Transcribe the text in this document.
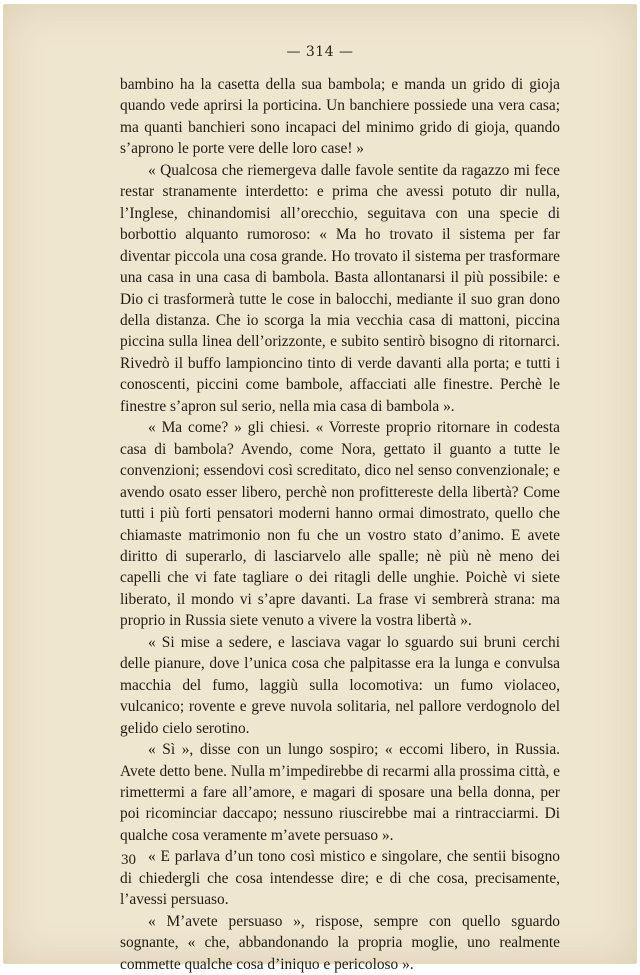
— 314 —

bambino ha la casetta della sua bambola; e manda un grido di gioja quando vede aprirsi la porticina. Un banchiere possiede una vera casa; ma quanti banchieri sono incapaci del minimo grido di gioja, quando s’aprono le porte vere delle loro case! »

« Qualcosa che riemergeva dalle favole sentite da ragazzo mi fece restar stranamente interdetto: e prima che avessi potuto dir nulla, l’Inglese, chinandomisi all’orecchio, seguitava con una specie di borbottio alquanto rumoroso: « Ma ho trovato il sistema per far diventar piccola una cosa grande. Ho trovato il sistema per trasformare una casa in una casa di bambola. Basta allontanarsi il più possibile: e Dio ci trasformerà tutte le cose in balocchi, mediante il suo gran dono della distanza. Che io scorga la mia vecchia casa di mattoni, piccina piccina sulla linea dell’orizzonte, e subito sentirò bisogno di ritornarci. Rivedrò il buffo lampioncino tinto di verde davanti alla porta; e tutti i conoscenti, piccini come bambole, affacciati alle finestre. Perchè le finestre s’apron sul serio, nella mia casa di bambola ».

« Ma come? » gli chiesi. « Vorreste proprio ritornare in codesta casa di bambola? Avendo, come Nora, gettato il guanto a tutte le convenzioni; essendovi così screditato, dico nel senso convenzionale; e avendo osato esser libero, perchè non profittereste della libertà? Come tutti i più forti pensatori moderni hanno ormai dimostrato, quello che chiamaste matrimonio non fu che un vostro stato d’animo. E avete diritto di superarlo, di lasciarvelo alle spalle; nè più nè meno dei capelli che vi fate tagliare o dei ritagli delle unghie. Poichè vi siete liberato, il mondo vi s’apre davanti. La frase vi sembrerà strana: ma proprio in Russia siete venuto a vivere la vostra libertà ».

« Si mise a sedere, e lasciava vagar lo sguardo sui bruni cerchi delle pianure, dove l’unica cosa che palpitasse era la lunga e convulsa macchia del fumo, laggiù sulla locomotiva: un fumo violaceo, vulcanico; rovente e greve nuvola solitaria, nel pallore verdognolo del gelido cielo serotino.

« Sì », disse con un lungo sospiro; « eccomi libero, in Russia. Avete detto bene. Nulla m’impedirebbe di recarmi alla prossima città, e rimettermi a fare all’amore, e magari di sposare una bella donna, per poi ricominciar daccapo; nessuno riuscirebbe mai a rintracciarmi. Di qualche cosa veramente m’avete persuaso ».

« E parlava d’un tono così mistico e singolare, che sentii bisogno di chiedergli che cosa intendesse dire; e di che cosa, precisamente, l’avessi persuaso.

« M’avete persuaso », rispose, sempre con quello sguardo sognante, « che, abbandonando la propria moglie, uno realmente commette qualche cosa d’iniquo e pericoloso ».

30
